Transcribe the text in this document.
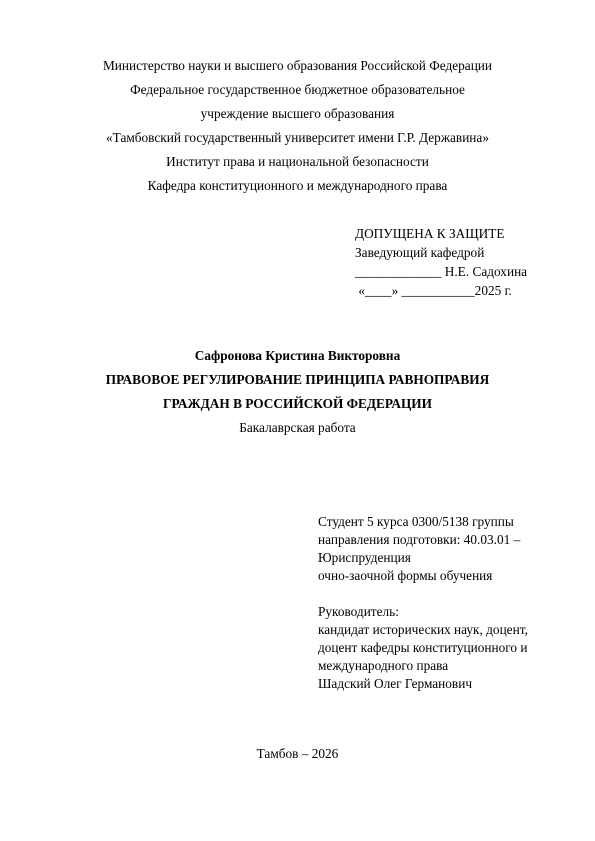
Министерство науки и высшего образования Российской Федерации
Федеральное государственное бюджетное образовательное
учреждение высшего образования
«Тамбовский государственный университет имени Г.Р. Державина»
Институт права и национальной безопасности
Кафедра конституционного и международного права
ДОПУЩЕНА К ЗАЩИТЕ
Заведующий кафедрой
_____________ Н.Е. Садохина
«____» ___________2025 г.
Сафронова Кристина Викторовна
ПРАВОВОЕ РЕГУЛИРОВАНИЕ ПРИНЦИПА РАВНОПРАВИЯ
ГРАЖДАН В РОССИЙСКОЙ ФЕДЕРАЦИИ
Бакалаврская работа
Студент 5 курса 0300/5138 группы
направления подготовки: 40.03.01 –
Юриспруденция
очно-заочной формы обучения
Руководитель:
кандидат исторических наук, доцент,
доцент кафедры конституционного и
международного права
Шадский Олег Германович
Тамбов – 2026
